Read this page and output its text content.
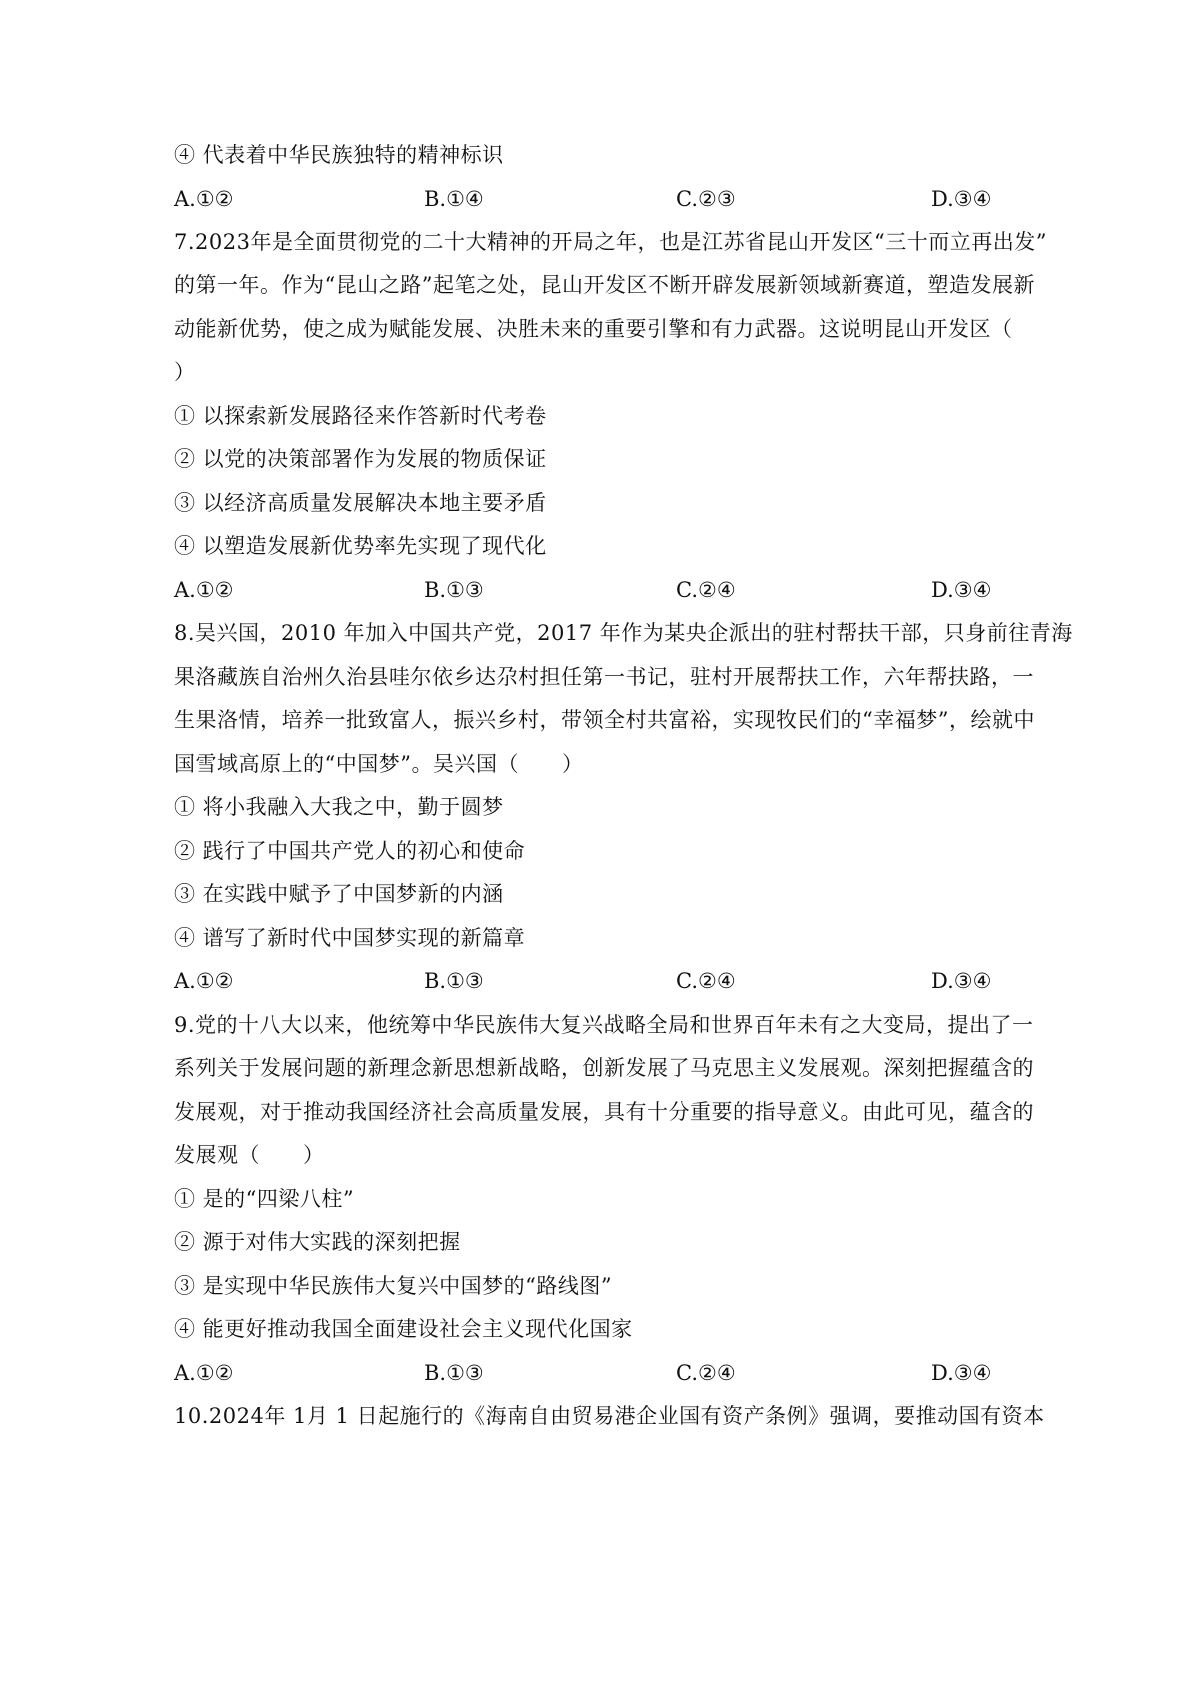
④ 代表着中华民族独特的精神标识
A.①②	B.①④	C.②③	D.③④
7.2023年是全面贯彻党的二十大精神的开局之年，也是江苏省昆山开发区“三十而立再出发”
的第一年。作为“昆山之路”起笔之处，昆山开发区不断开辟发展新领域新赛道，塑造发展新
动能新优势，使之成为赋能发展、决胜未来的重要引擎和有力武器。这说明昆山开发区（
）
① 以探索新发展路径来作答新时代考卷
② 以党的决策部署作为发展的物质保证
③ 以经济高质量发展解决本地主要矛盾
④ 以塑造发展新优势率先实现了现代化
A.①②	B.①③	C.②④	D.③④
8.吴兴国，2010 年加入中国共产党，2017 年作为某央企派出的驻村帮扶干部，只身前往青海
果洛藏族自治州久治县哇尔依乡达尕村担任第一书记，驻村开展帮扶工作，六年帮扶路，一
生果洛情，培养一批致富人，振兴乡村，带领全村共富裕，实现牧民们的“幸福梦”，绘就中
国雪域高原上的“中国梦”。吴兴国（　　）
① 将小我融入大我之中，勤于圆梦
② 践行了中国共产党人的初心和使命
③ 在实践中赋予了中国梦新的内涵
④ 谱写了新时代中国梦实现的新篇章
A.①②	B.①③	C.②④	D.③④
9.党的十八大以来，他统筹中华民族伟大复兴战略全局和世界百年未有之大变局，提出了一
系列关于发展问题的新理念新思想新战略，创新发展了马克思主义发展观。深刻把握蕴含的
发展观，对于推动我国经济社会高质量发展，具有十分重要的指导意义。由此可见，蕴含的
发展观（　　）
① 是的“四梁八柱”
② 源于对伟大实践的深刻把握
③ 是实现中华民族伟大复兴中国梦的“路线图”
④ 能更好推动我国全面建设社会主义现代化国家
A.①②	B.①③	C.②④	D.③④
10.2024年 1月 1 日起施行的《海南自由贸易港企业国有资产条例》强调，要推动国有资本
